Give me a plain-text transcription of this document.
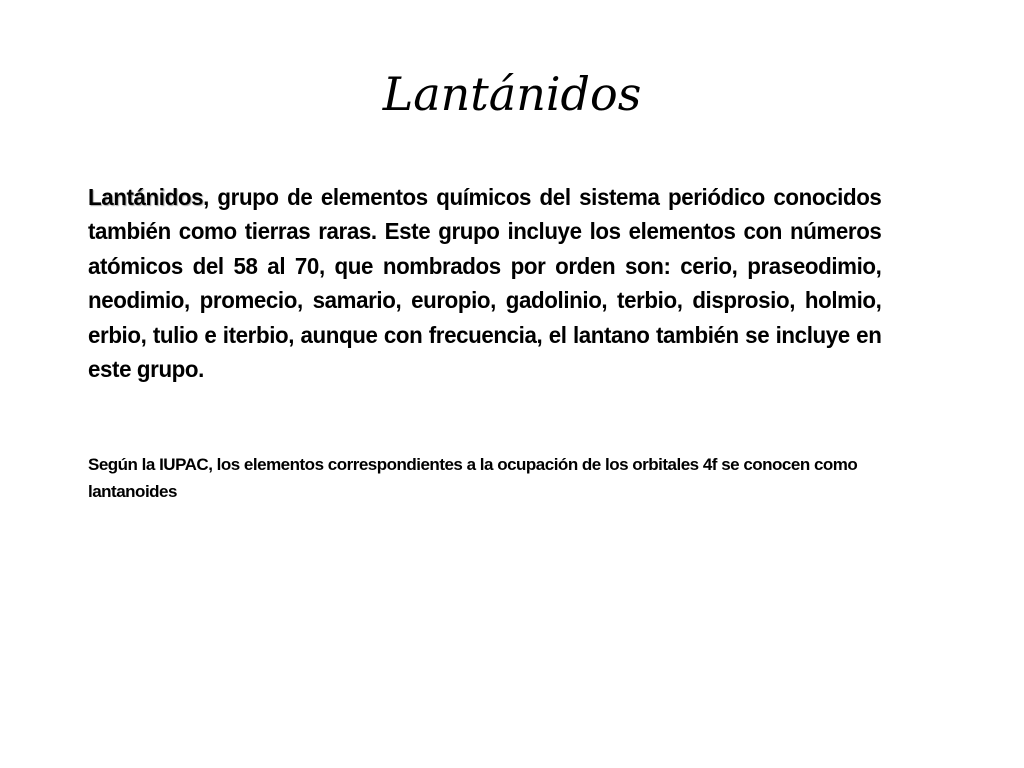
Lantánidos

Lantánidos, grupo de elementos químicos del sistema periódico conocidos también como tierras raras. Este grupo incluye los elementos con números atómicos del 58 al 70, que nombrados por orden son: cerio, praseodimio, neodimio, promecio, samario, europio, gadolinio, terbio, disprosio, holmio, erbio, tulio e iterbio, aunque con frecuencia, el lantano también se incluye en este grupo.

Según la IUPAC, los elementos correspondientes a la ocupación de los orbitales 4f se conocen como lantanoides
